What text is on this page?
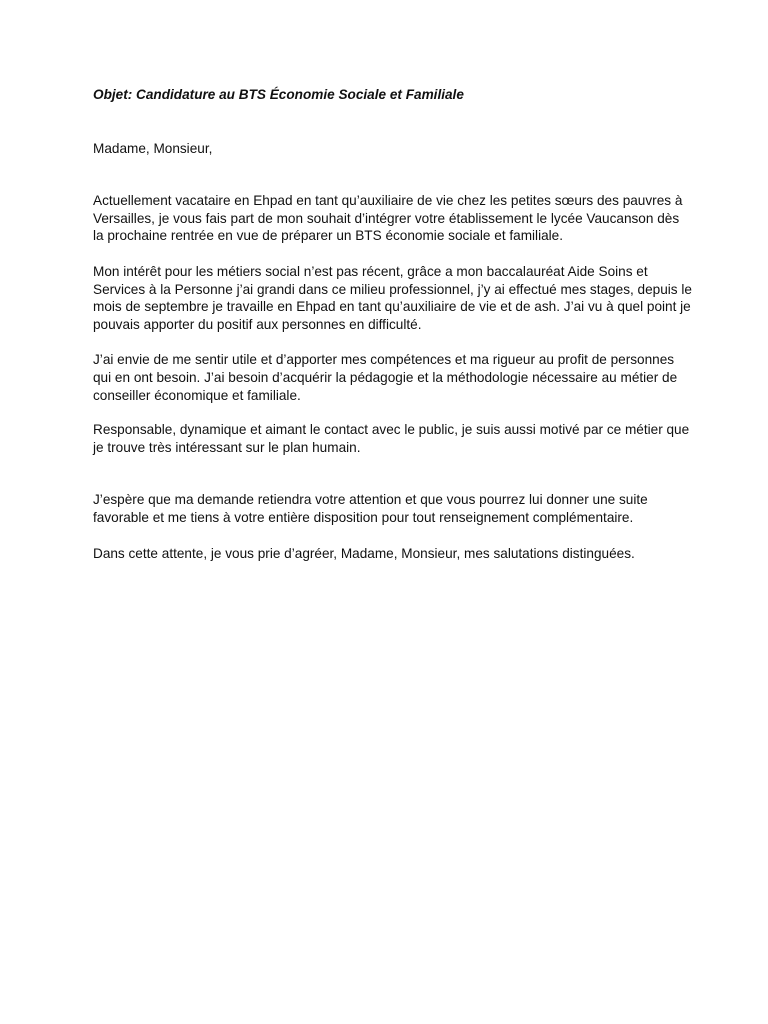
Objet: Candidature au BTS Économie Sociale et Familiale

Madame, Monsieur,

Actuellement vacataire en Ehpad en tant qu’auxiliaire de vie chez les petites sœurs des pauvres à Versailles, je vous fais part de mon souhait d’intégrer votre établissement le lycée Vaucanson dès la prochaine rentrée en vue de préparer un BTS économie sociale et familiale.

Mon intérêt pour les métiers social n’est pas récent, grâce a mon baccalauréat Aide Soins et Services à la Personne j’ai grandi dans ce milieu professionnel, j’y ai effectué mes stages, depuis le mois de septembre je travaille en Ehpad en tant qu’auxiliaire de vie et de ash. J’ai vu à quel point je pouvais apporter du positif aux personnes en difficulté.

J’ai envie de me sentir utile et d’apporter mes compétences et ma rigueur au profit de personnes qui en ont besoin. J’ai besoin d’acquérir la pédagogie et la méthodologie nécessaire au métier de conseiller économique et familiale.

Responsable, dynamique et aimant le contact avec le public, je suis aussi motivé par ce métier que je trouve très intéressant sur le plan humain.

J’espère que ma demande retiendra votre attention et que vous pourrez lui donner une suite favorable et me tiens à votre entière disposition pour tout renseignement complémentaire.

Dans cette attente, je vous prie d’agréer, Madame, Monsieur, mes salutations distinguées.
